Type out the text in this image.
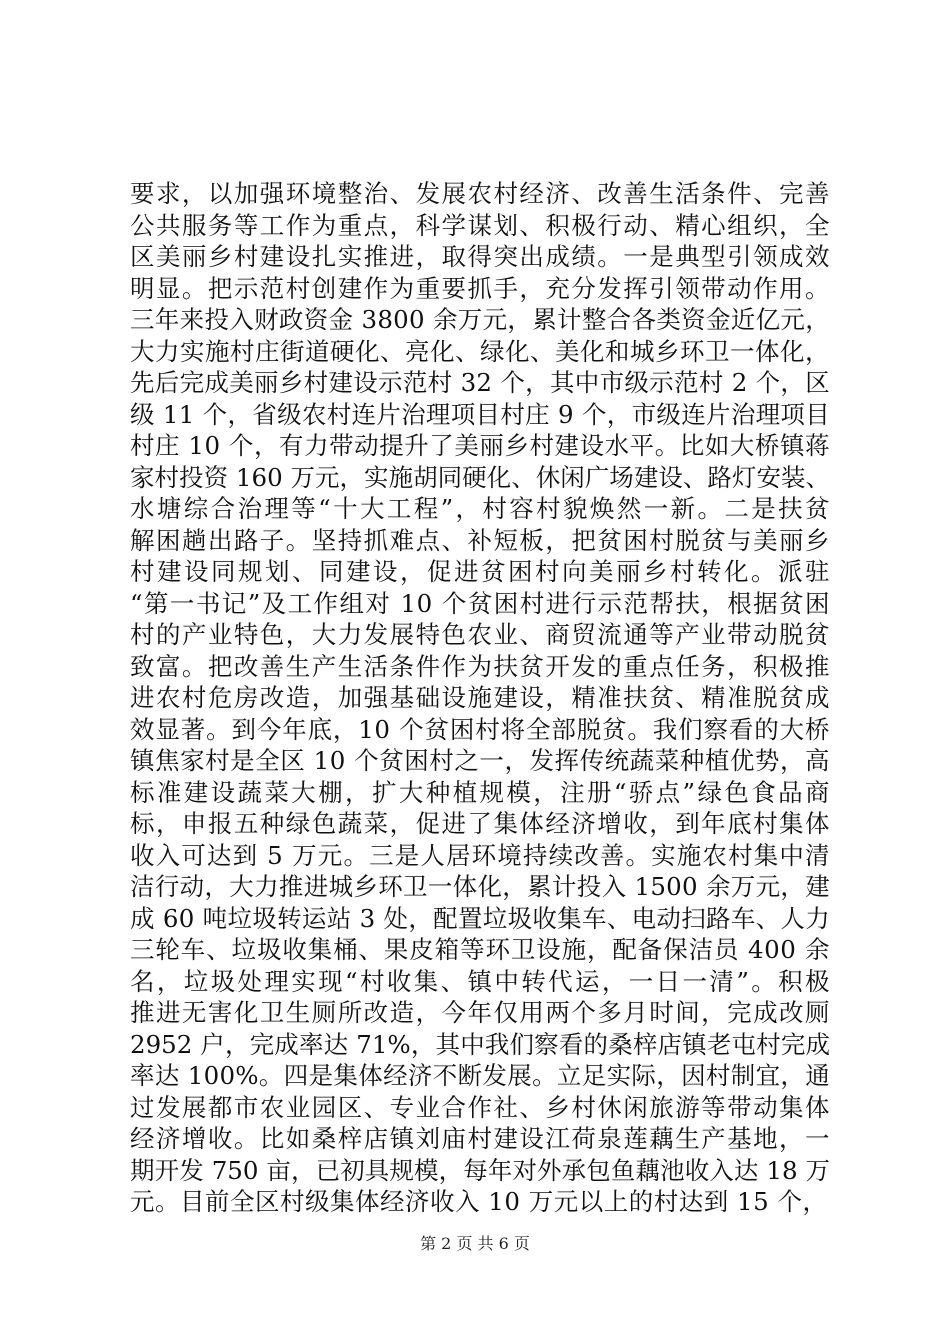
要求，以加强环境整治、发展农村经济、改善生活条件、完善
公共服务等工作为重点，科学谋划、积极行动、精心组织，全
区美丽乡村建设扎实推进，取得突出成绩。一是典型引领成效
明显。把示范村创建作为重要抓手，充分发挥引领带动作用。
三年来投入财政资金 3800 余万元，累计整合各类资金近亿元，
大力实施村庄街道硬化、亮化、绿化、美化和城乡环卫一体化，
先后完成美丽乡村建设示范村 32 个，其中市级示范村 2 个，区
级 11 个，省级农村连片治理项目村庄 9 个，市级连片治理项目
村庄 10 个，有力带动提升了美丽乡村建设水平。比如大桥镇蒋
家村投资 160 万元，实施胡同硬化、休闲广场建设、路灯安装、
水塘综合治理等“十大工程”，村容村貌焕然一新。二是扶贫
解困趟出路子。坚持抓难点、补短板，把贫困村脱贫与美丽乡
村建设同规划、同建设，促进贫困村向美丽乡村转化。派驻
“第一书记”及工作组对 10 个贫困村进行示范帮扶，根据贫困
村的产业特色，大力发展特色农业、商贸流通等产业带动脱贫
致富。把改善生产生活条件作为扶贫开发的重点任务，积极推
进农村危房改造，加强基础设施建设，精准扶贫、精准脱贫成
效显著。到今年底，10 个贫困村将全部脱贫。我们察看的大桥
镇焦家村是全区 10 个贫困村之一，发挥传统蔬菜种植优势，高
标准建设蔬菜大棚，扩大种植规模，注册“骄点”绿色食品商
标，申报五种绿色蔬菜，促进了集体经济增收，到年底村集体
收入可达到 5 万元。三是人居环境持续改善。实施农村集中清
洁行动，大力推进城乡环卫一体化，累计投入 1500 余万元，建
成 60 吨垃圾转运站 3 处，配置垃圾收集车、电动扫路车、人力
三轮车、垃圾收集桶、果皮箱等环卫设施，配备保洁员 400 余
名，垃圾处理实现“村收集、镇中转代运，一日一清”。积极
推进无害化卫生厕所改造，今年仅用两个多月时间，完成改厕
2952 户，完成率达 71%，其中我们察看的桑梓店镇老屯村完成
率达 100%。四是集体经济不断发展。立足实际，因村制宜，通
过发展都市农业园区、专业合作社、乡村休闲旅游等带动集体
经济增收。比如桑梓店镇刘庙村建设江荷泉莲藕生产基地，一
期开发 750 亩，已初具规模，每年对外承包鱼藕池收入达 18 万
元。目前全区村级集体经济收入 10 万元以上的村达到 15 个，
第 2 页 共 6 页
